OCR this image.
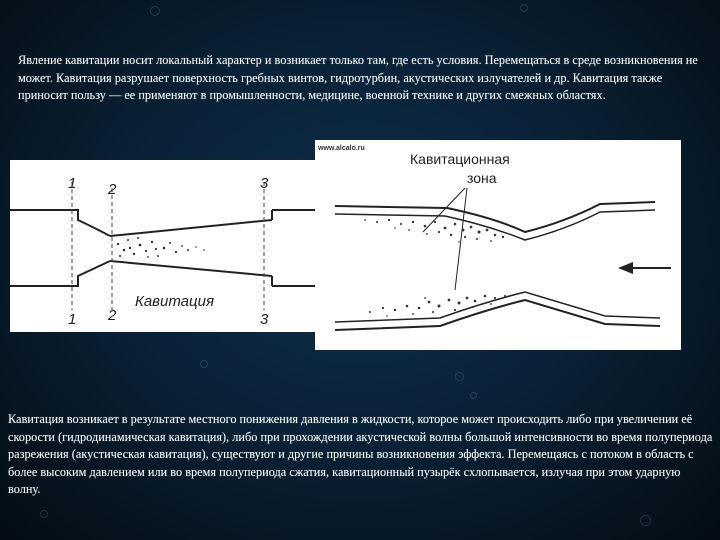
Явление кавитации носит локальный характер и возникает только там, где есть условия. Перемещаться в среде возникновения не может. Кавитация разрушает поверхность гребных винтов, гидротурбин, акустических излучателей и др. Кавитация также приносит пользу — ее применяют в промышленности, медицине, военной технике и других смежных областях.
1 2	3
1 2	3
Кавитация
www.alcalo.ru
Кавитационная
зона
Кавитация возникает в результате местного понижения давления в жидкости, которое может происходить либо при увеличении её скорости (гидродинамическая кавитация), либо при прохождении акустической волны большой интенсивности во время полупериода разрежения (акустическая кавитация), существуют и другие причины возникновения эффекта. Перемещаясь с потоком в область с более высоким давлением или во время полупериода сжатия, кавитационный пузырёк схлопывается, излучая при этом ударную волну.
